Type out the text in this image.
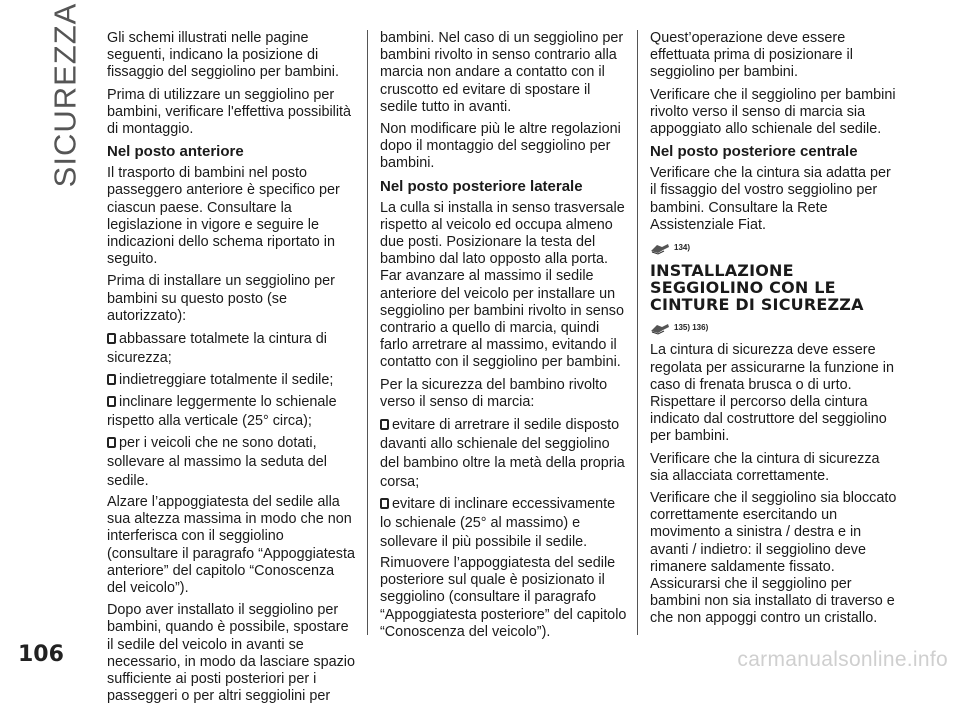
SICUREZZA Gli schemi illustrati nelle pagine seguenti, indicano la posizione di fissaggio del seggiolino per bambini.

Prima di utilizzare un seggiolino per bambini, verificare l'effettiva possibilità di montaggio.

Nel posto anteriore

Il trasporto di bambini nel posto passeggero anteriore è specifico per ciascun paese. Consultare la legislazione in vigore e seguire le indicazioni dello schema riportato in seguito.

Prima di installare un seggiolino per bambini su questo posto (se autorizzato):

abbassare totalmete la cintura di sicurezza;
indietreggiare totalmente il sedile;
inclinare leggermente lo schienale rispetto alla verticale (25° circa);
per i veicoli che ne sono dotati, sollevare al massimo la seduta del sedile.

Alzare l’appoggiatesta del sedile alla sua altezza massima in modo che non interferisca con il seggiolino (consultare il paragrafo “Appoggiatesta anteriore” del capitolo “Conoscenza del veicolo”).

Dopo aver installato il seggiolino per bambini, quando è possibile, spostare il sedile del veicolo in avanti se necessario, in modo da lasciare spazio sufficiente ai posti posteriori per i passeggeri o per altri seggiolini per

bambini. Nel caso di un seggiolino per bambini rivolto in senso contrario alla marcia non andare a contatto con il cruscotto ed evitare di spostare il sedile tutto in avanti.

Non modificare più le altre regolazioni dopo il montaggio del seggiolino per bambini.

Nel posto posteriore laterale

La culla si installa in senso trasversale rispetto al veicolo ed occupa almeno due posti. Posizionare la testa del bambino dal lato opposto alla porta. Far avanzare al massimo il sedile anteriore del veicolo per installare un seggiolino per bambini rivolto in senso contrario a quello di marcia, quindi farlo arretrare al massimo, evitando il contatto con il seggiolino per bambini.

Per la sicurezza del bambino rivolto verso il senso di marcia:

evitare di arretrare il sedile disposto davanti allo schienale del seggiolino del bambino oltre la metà della propria corsa;
evitare di inclinare eccessivamente lo schienale (25° al massimo) e sollevare il più possibile il sedile.

Rimuovere l’appoggiatesta del sedile posteriore sul quale è posizionato il seggiolino (consultare il paragrafo “Appoggiatesta posteriore” del capitolo “Conoscenza del veicolo”).

Quest’operazione deve essere effettuata prima di posizionare il seggiolino per bambini.

Verificare che il seggiolino per bambini rivolto verso il senso di marcia sia appoggiato allo schienale del sedile.

Nel posto posteriore centrale

Verificare che la cintura sia adatta per il fissaggio del vostro seggiolino per bambini. Consultare la Rete Assistenziale Fiat.

134)
INSTALLAZIONE SEGGIOLINO CON LE CINTURE DI SICUREZZA
135) 136)

La cintura di sicurezza deve essere regolata per assicurarne la funzione in caso di frenata brusca o di urto. Rispettare il percorso della cintura indicato dal costruttore del seggiolino per bambini.

Verificare che la cintura di sicurezza sia allacciata correttamente.

Verificare che il seggiolino sia bloccato correttamente esercitando un movimento a sinistra / destra e in avanti / indietro: il seggiolino deve rimanere saldamente fissato. Assicurarsi che il seggiolino per bambini non sia installato di traverso e che non appoggi contro un cristallo.

106	carmanualsonline.info
